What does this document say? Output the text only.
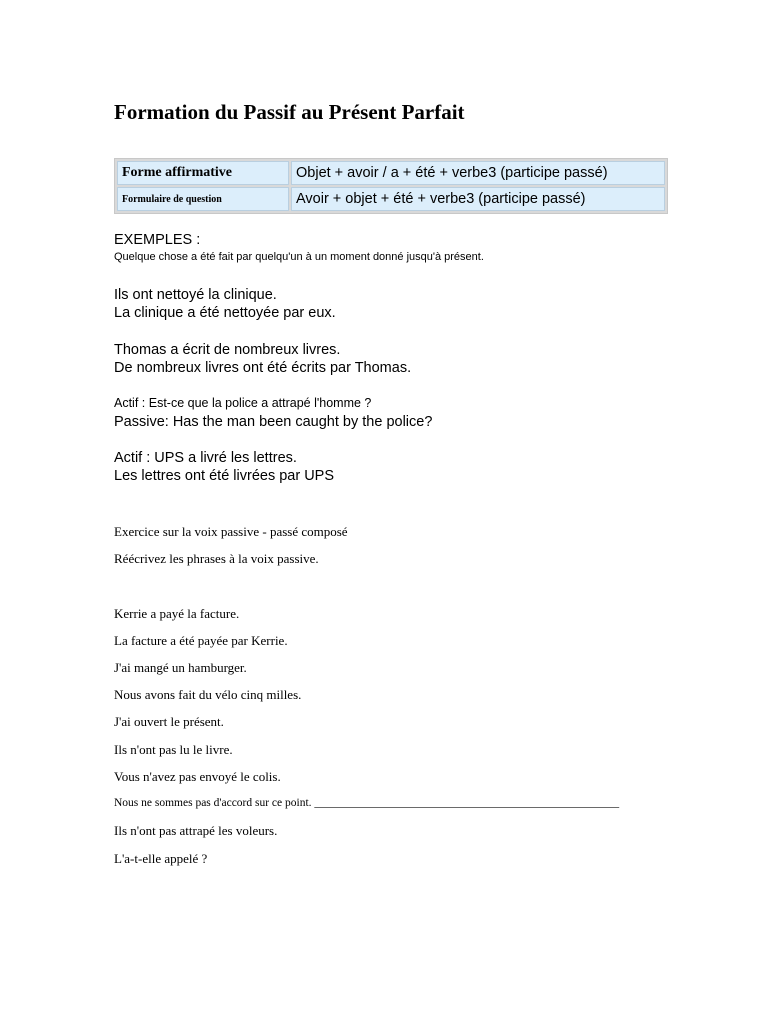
Formation du Passif au Présent Parfait
Forme affirmative	Objet + avoir / a + été + verbe3 (participe passé)
Formulaire de question	Avoir + objet + été + verbe3 (participe passé)
EXEMPLES :
Quelque chose a été fait par quelqu'un à un moment donné jusqu'à présent.
Ils ont nettoyé la clinique.
La clinique a été nettoyée par eux.
Thomas a écrit de nombreux livres.
De nombreux livres ont été écrits par Thomas.
Actif : Est-ce que la police a attrapé l'homme ?
Passive: Has the man been caught by the police?
Actif : UPS a livré les lettres.
Les lettres ont été livrées par UPS
Exercice sur la voix passive - passé composé
Réécrivez les phrases à la voix passive.
Kerrie a payé la facture.
La facture a été payée par Kerrie.
J'ai mangé un hamburger.
Nous avons fait du vélo cinq milles.
J'ai ouvert le présent.
Ils n'ont pas lu le livre.
Vous n'avez pas envoyé le colis.
Nous ne sommes pas d'accord sur ce point. _____________________________________________________
Ils n'ont pas attrapé les voleurs.
L'a-t-elle appelé ?
